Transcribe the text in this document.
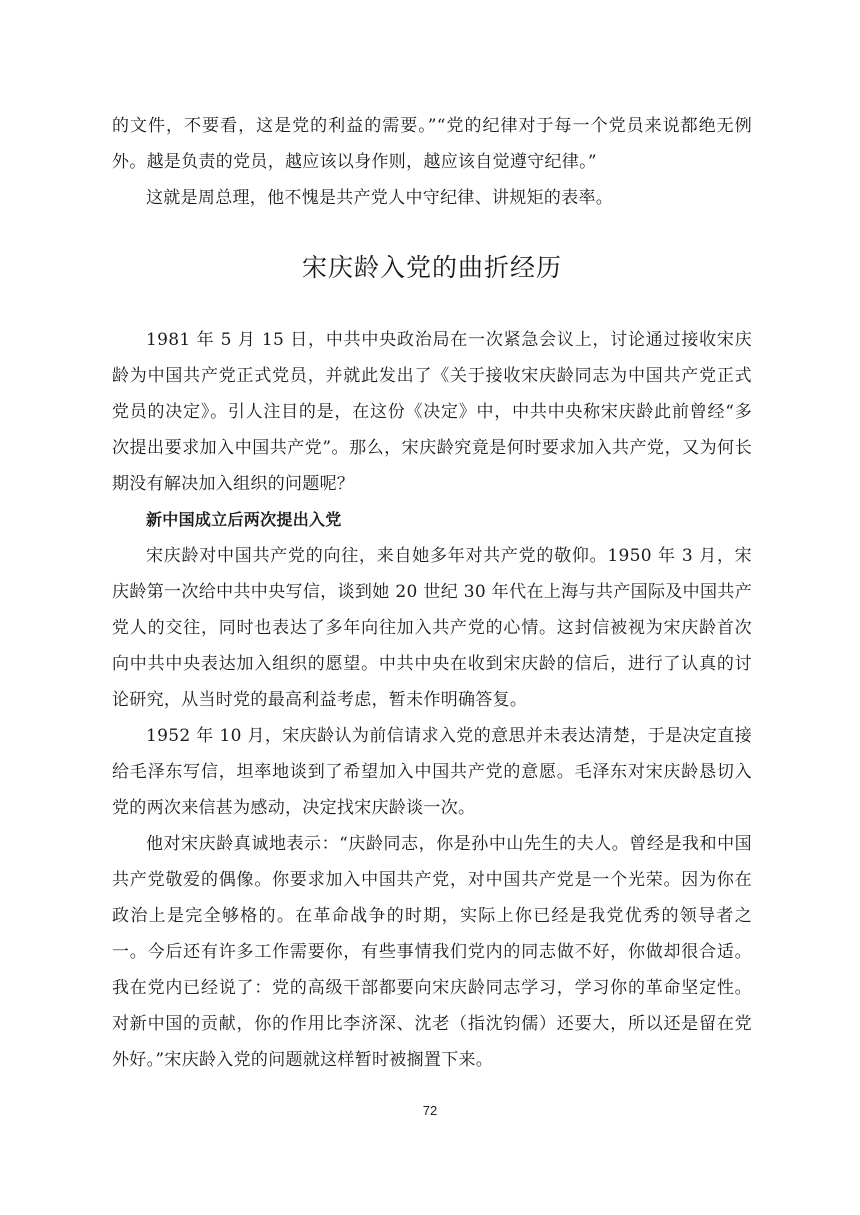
的文件，不要看，这是党的利益的需要。”“党的纪律对于每一个党员来说都绝无例外。越是负责的党员，越应该以身作则，越应该自觉遵守纪律。”

这就是周总理，他不愧是共产党人中守纪律、讲规矩的表率。

宋庆龄入党的曲折经历

1981 年 5 月 15 日，中共中央政治局在一次紧急会议上，讨论通过接收宋庆龄为中国共产党正式党员，并就此发出了《关于接收宋庆龄同志为中国共产党正式党员的决定》。引人注目的是，在这份《决定》中，中共中央称宋庆龄此前曾经“多次提出要求加入中国共产党”。那么，宋庆龄究竟是何时要求加入共产党，又为何长期没有解决加入组织的问题呢？

新中国成立后两次提出入党

宋庆龄对中国共产党的向往，来自她多年对共产党的敬仰。1950 年 3 月，宋庆龄第一次给中共中央写信，谈到她 20 世纪 30 年代在上海与共产国际及中国共产党人的交往，同时也表达了多年向往加入共产党的心情。这封信被视为宋庆龄首次向中共中央表达加入组织的愿望。中共中央在收到宋庆龄的信后，进行了认真的讨论研究，从当时党的最高利益考虑，暂未作明确答复。

1952 年 10 月，宋庆龄认为前信请求入党的意思并未表达清楚，于是决定直接给毛泽东写信，坦率地谈到了希望加入中国共产党的意愿。毛泽东对宋庆龄恳切入党的两次来信甚为感动，决定找宋庆龄谈一次。

他对宋庆龄真诚地表示：“庆龄同志，你是孙中山先生的夫人。曾经是我和中国共产党敬爱的偶像。你要求加入中国共产党，对中国共产党是一个光荣。因为你在政治上是完全够格的。在革命战争的时期，实际上你已经是我党优秀的领导者之一。今后还有许多工作需要你，有些事情我们党内的同志做不好，你做却很合适。我在党内已经说了：党的高级干部都要向宋庆龄同志学习，学习你的革命坚定性。对新中国的贡献，你的作用比李济深、沈老（指沈钧儒）还要大，所以还是留在党外好。”宋庆龄入党的问题就这样暂时被搁置下来。

72
